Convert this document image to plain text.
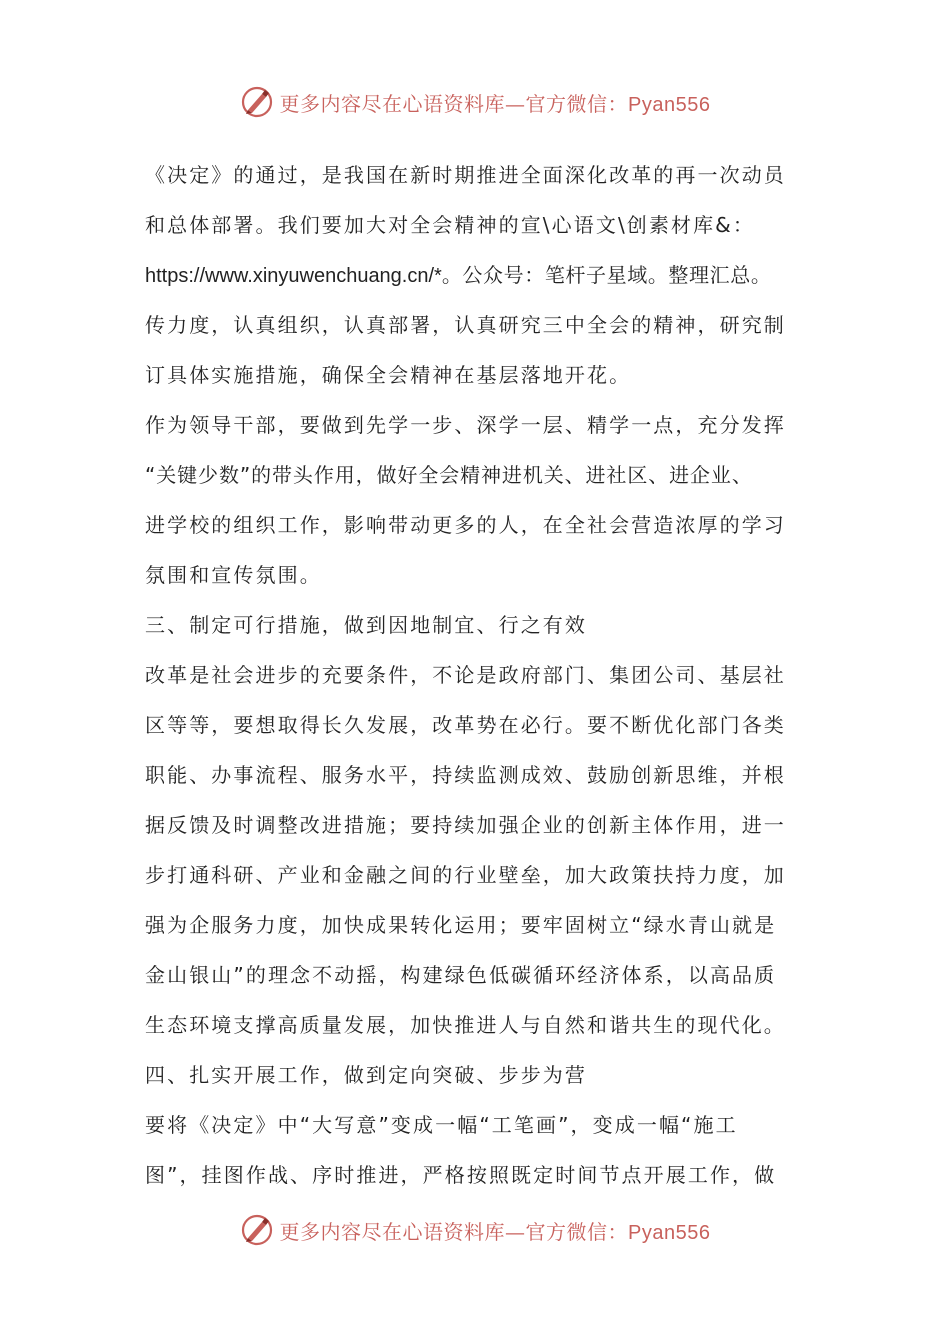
更多内容尽在心语资料库—官方微信：Pyan556
《决定》的通过，是我国在新时期推进全面深化改革的再一次动员
和总体部署。我们要加大对全会精神的宣\心语文\创素材库&：
https://www.xinyuwenchuang.cn/*。公众号：笔杆子星域。整理汇总。
传力度，认真组织，认真部署，认真研究三中全会的精神，研究制
订具体实施措施，确保全会精神在基层落地开花。
作为领导干部，要做到先学一步、深学一层、精学一点，充分发挥
“关键少数”的带头作用，做好全会精神进机关、进社区、进企业、
进学校的组织工作，影响带动更多的人，在全社会营造浓厚的学习
氛围和宣传氛围。
三、制定可行措施，做到因地制宜、行之有效
改革是社会进步的充要条件，不论是政府部门、集团公司、基层社
区等等，要想取得长久发展，改革势在必行。要不断优化部门各类
职能、办事流程、服务水平，持续监测成效、鼓励创新思维，并根
据反馈及时调整改进措施；要持续加强企业的创新主体作用，进一
步打通科研、产业和金融之间的行业壁垒，加大政策扶持力度，加
强为企服务力度，加快成果转化运用；要牢固树立“绿水青山就是
金山银山”的理念不动摇，构建绿色低碳循环经济体系，以高品质
生态环境支撑高质量发展，加快推进人与自然和谐共生的现代化。
四、扎实开展工作，做到定向突破、步步为营
要将《决定》中“大写意”变成一幅“工笔画”，变成一幅“施工
图”，挂图作战、序时推进，严格按照既定时间节点开展工作，做
更多内容尽在心语资料库—官方微信：Pyan556
